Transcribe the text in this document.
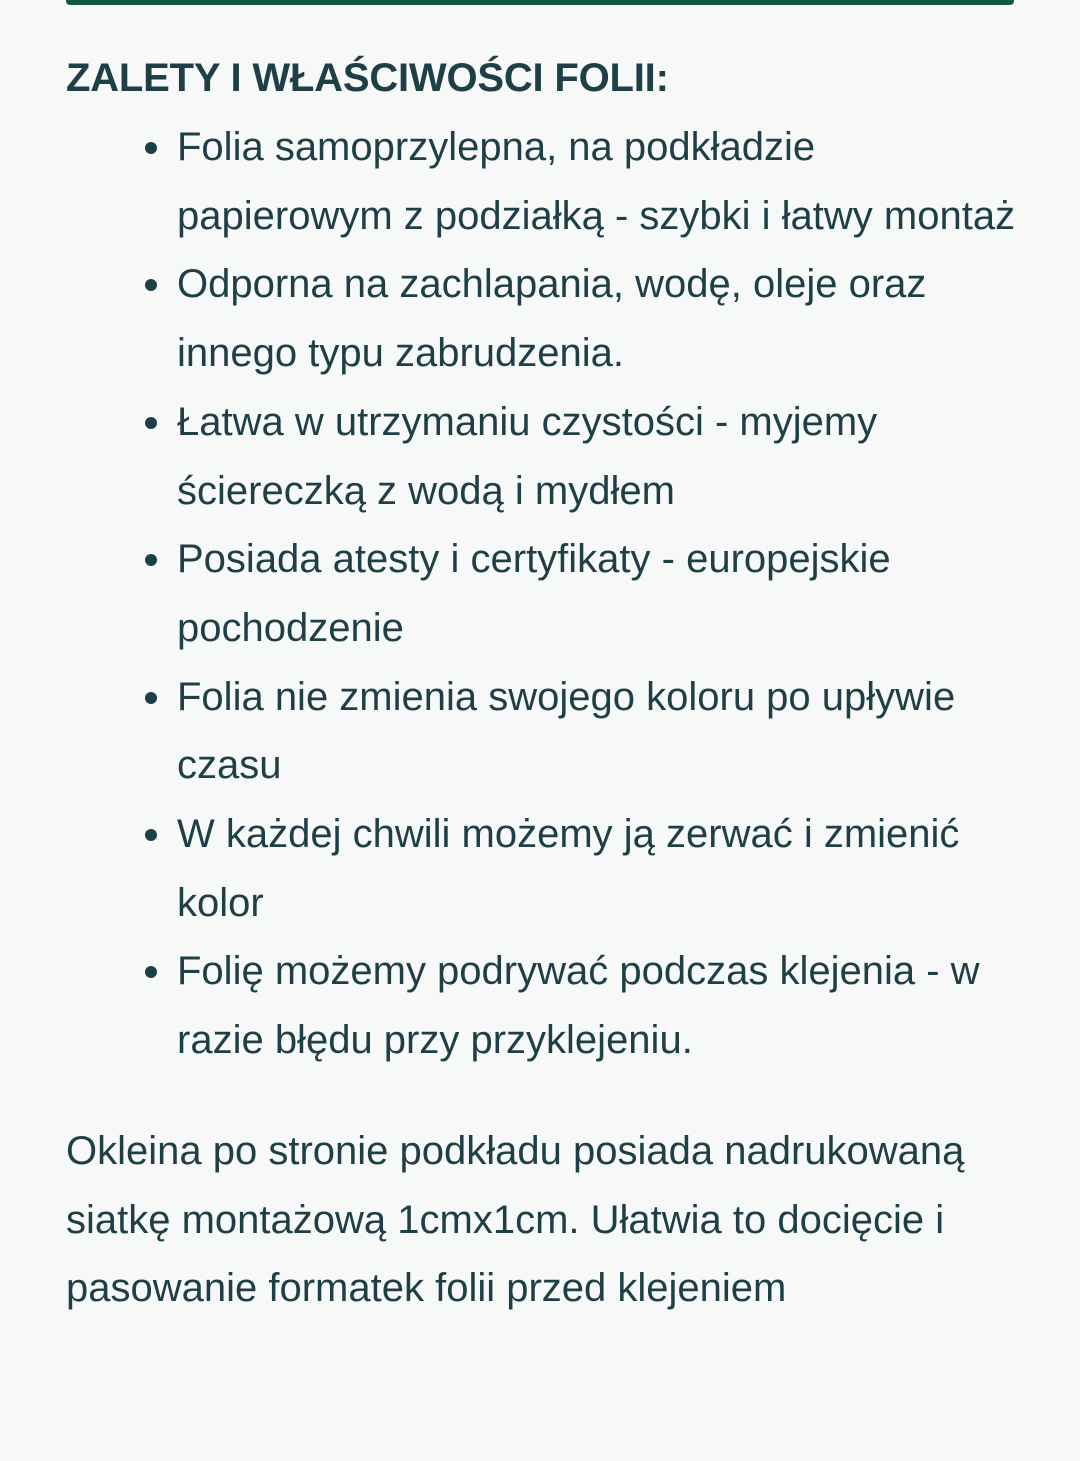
ZALETY I WŁAŚCIWOŚCI FOLII:
Folia samoprzylepna, na podkładzie papierowym z podziałką - szybki i łatwy montaż
Odporna na zachlapania, wodę, oleje oraz innego typu zabrudzenia.
Łatwa w utrzymaniu czystości - myjemy ściereczką z wodą i mydłem
Posiada atesty i certyfikaty - europejskie pochodzenie
Folia nie zmienia swojego koloru po upływie czasu
W każdej chwili możemy ją zerwać i zmienić kolor
Folię możemy podrywać podczas klejenia - w razie błędu przy przyklejeniu.

Okleina po stronie podkładu posiada nadrukowaną siatkę montażową 1cmx1cm. Ułatwia to docięcie i pasowanie formatek folii przed klejeniem
